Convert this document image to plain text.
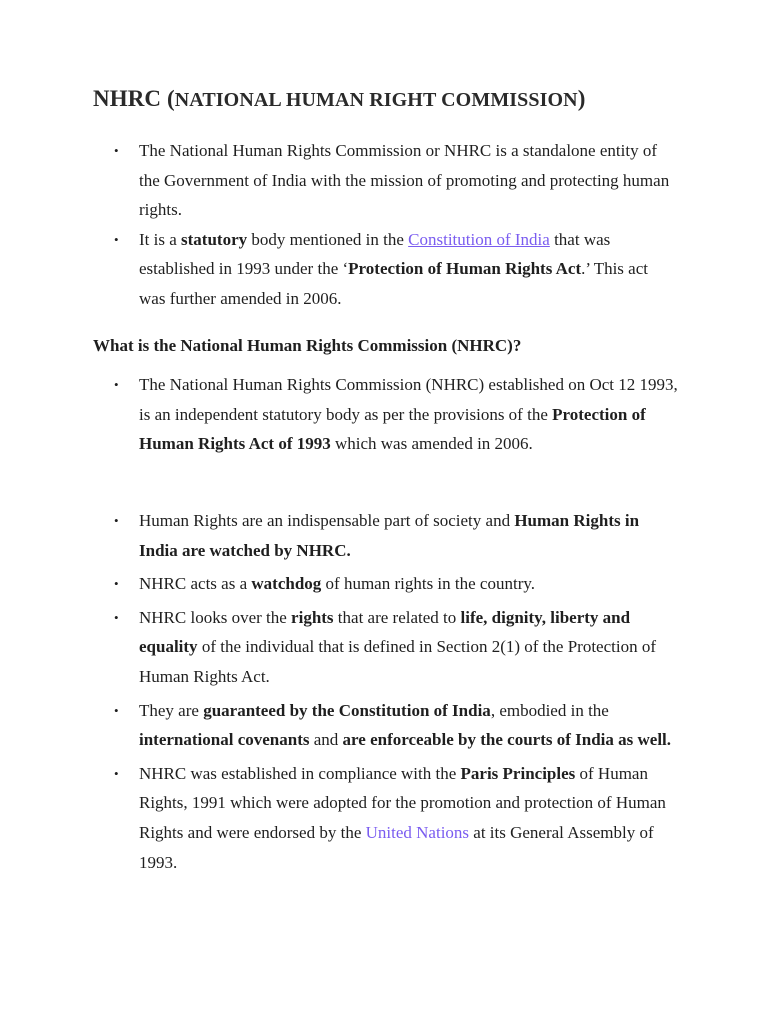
NHRC (NATIONAL HUMAN RIGHT COMMISSION)
• The National Human Rights Commission or NHRC is a standalone entity of the Government of India with the mission of promoting and protecting human rights.
• It is a statutory body mentioned in the Constitution of India that was established in 1993 under the ‘Protection of Human Rights Act.’ This act was further amended in 2006.
What is the National Human Rights Commission (NHRC)?
• The National Human Rights Commission (NHRC) established on Oct 12 1993, is an independent statutory body as per the provisions of the Protection of Human Rights Act of 1993 which was amended in 2006.
• Human Rights are an indispensable part of society and Human Rights in India are watched by NHRC.
• NHRC acts as a watchdog of human rights in the country.
• NHRC looks over the rights that are related to life, dignity, liberty and equality of the individual that is defined in Section 2(1) of the Protection of Human Rights Act.
• They are guaranteed by the Constitution of India, embodied in the international covenants and are enforceable by the courts of India as well.
• NHRC was established in compliance with the Paris Principles of Human Rights, 1991 which were adopted for the promotion and protection of Human Rights and were endorsed by the United Nations at its General Assembly of 1993.
